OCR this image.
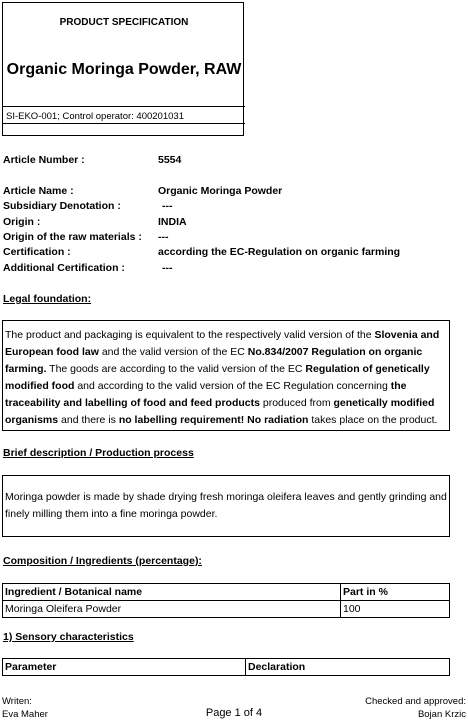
PRODUCT SPECIFICATION
Organic Moringa Powder, RAW
SI-EKO-001; Control operator: 400201031
Article Number :	5554
Article Name :	Organic Moringa Powder
Subsidiary Denotation :	---
Origin :	INDIA
Origin of the raw materials : ---
Certification :	according the EC-Regulation on organic farming
Additional Certification :	---
Legal foundation:
The product and packaging is equivalent to the respectively valid version of the Slovenia and European food law and the valid version of the EC No.834/2007 Regulation on organic farming. The goods are according to the valid version of the EC Regulation of genetically modified food and according to the valid version of the EC Regulation concerning the traceability and labelling of food and feed products produced from genetically modified organisms and there is no labelling requirement! No radiation takes place on the product.
Brief description / Production process
Moringa powder is made by shade drying fresh moringa oleifera leaves and gently grinding and finely milling them into a fine moringa powder.
Composition / Ingredients (percentage):
Ingredient / Botanical name	Part in %
Moringa Oleifera Powder	100
1) Sensory characteristics
Parameter	Declaration
Writen:
Eva Maher	Page 1 of 4
Checked and approved:
Bojan Krzic
